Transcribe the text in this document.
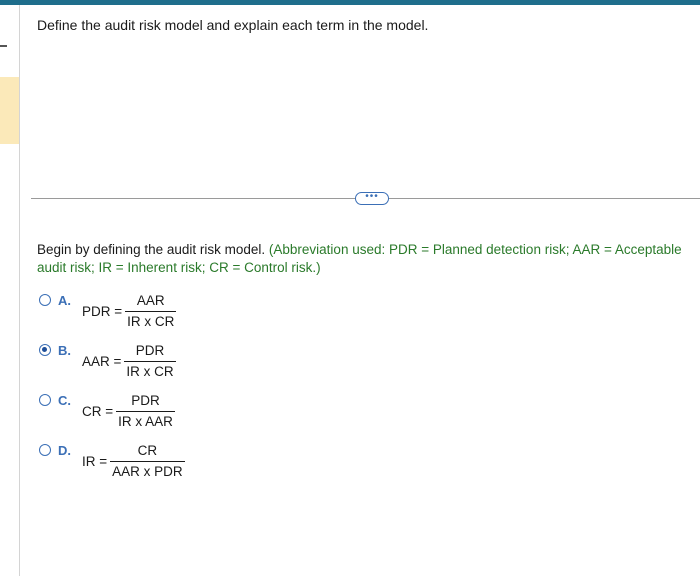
Define the audit risk model and explain each term in the model.
•••
Begin by defining the audit risk model. (Abbreviation used: PDR = Planned detection risk; AAR = Acceptable audit risk; IR = Inherent risk; CR = Control risk.)
A.
PDR = $\frac{\text{AAR}}{\text{IR x CR}}$
B.
AAR = $\frac{\text{PDR}}{\text{IR x CR}}$
C.
CR = $\frac{\text{PDR}}{\text{IR x AAR}}$
D.
IR = $\frac{CR}{\text{AAR x PDR}}$
